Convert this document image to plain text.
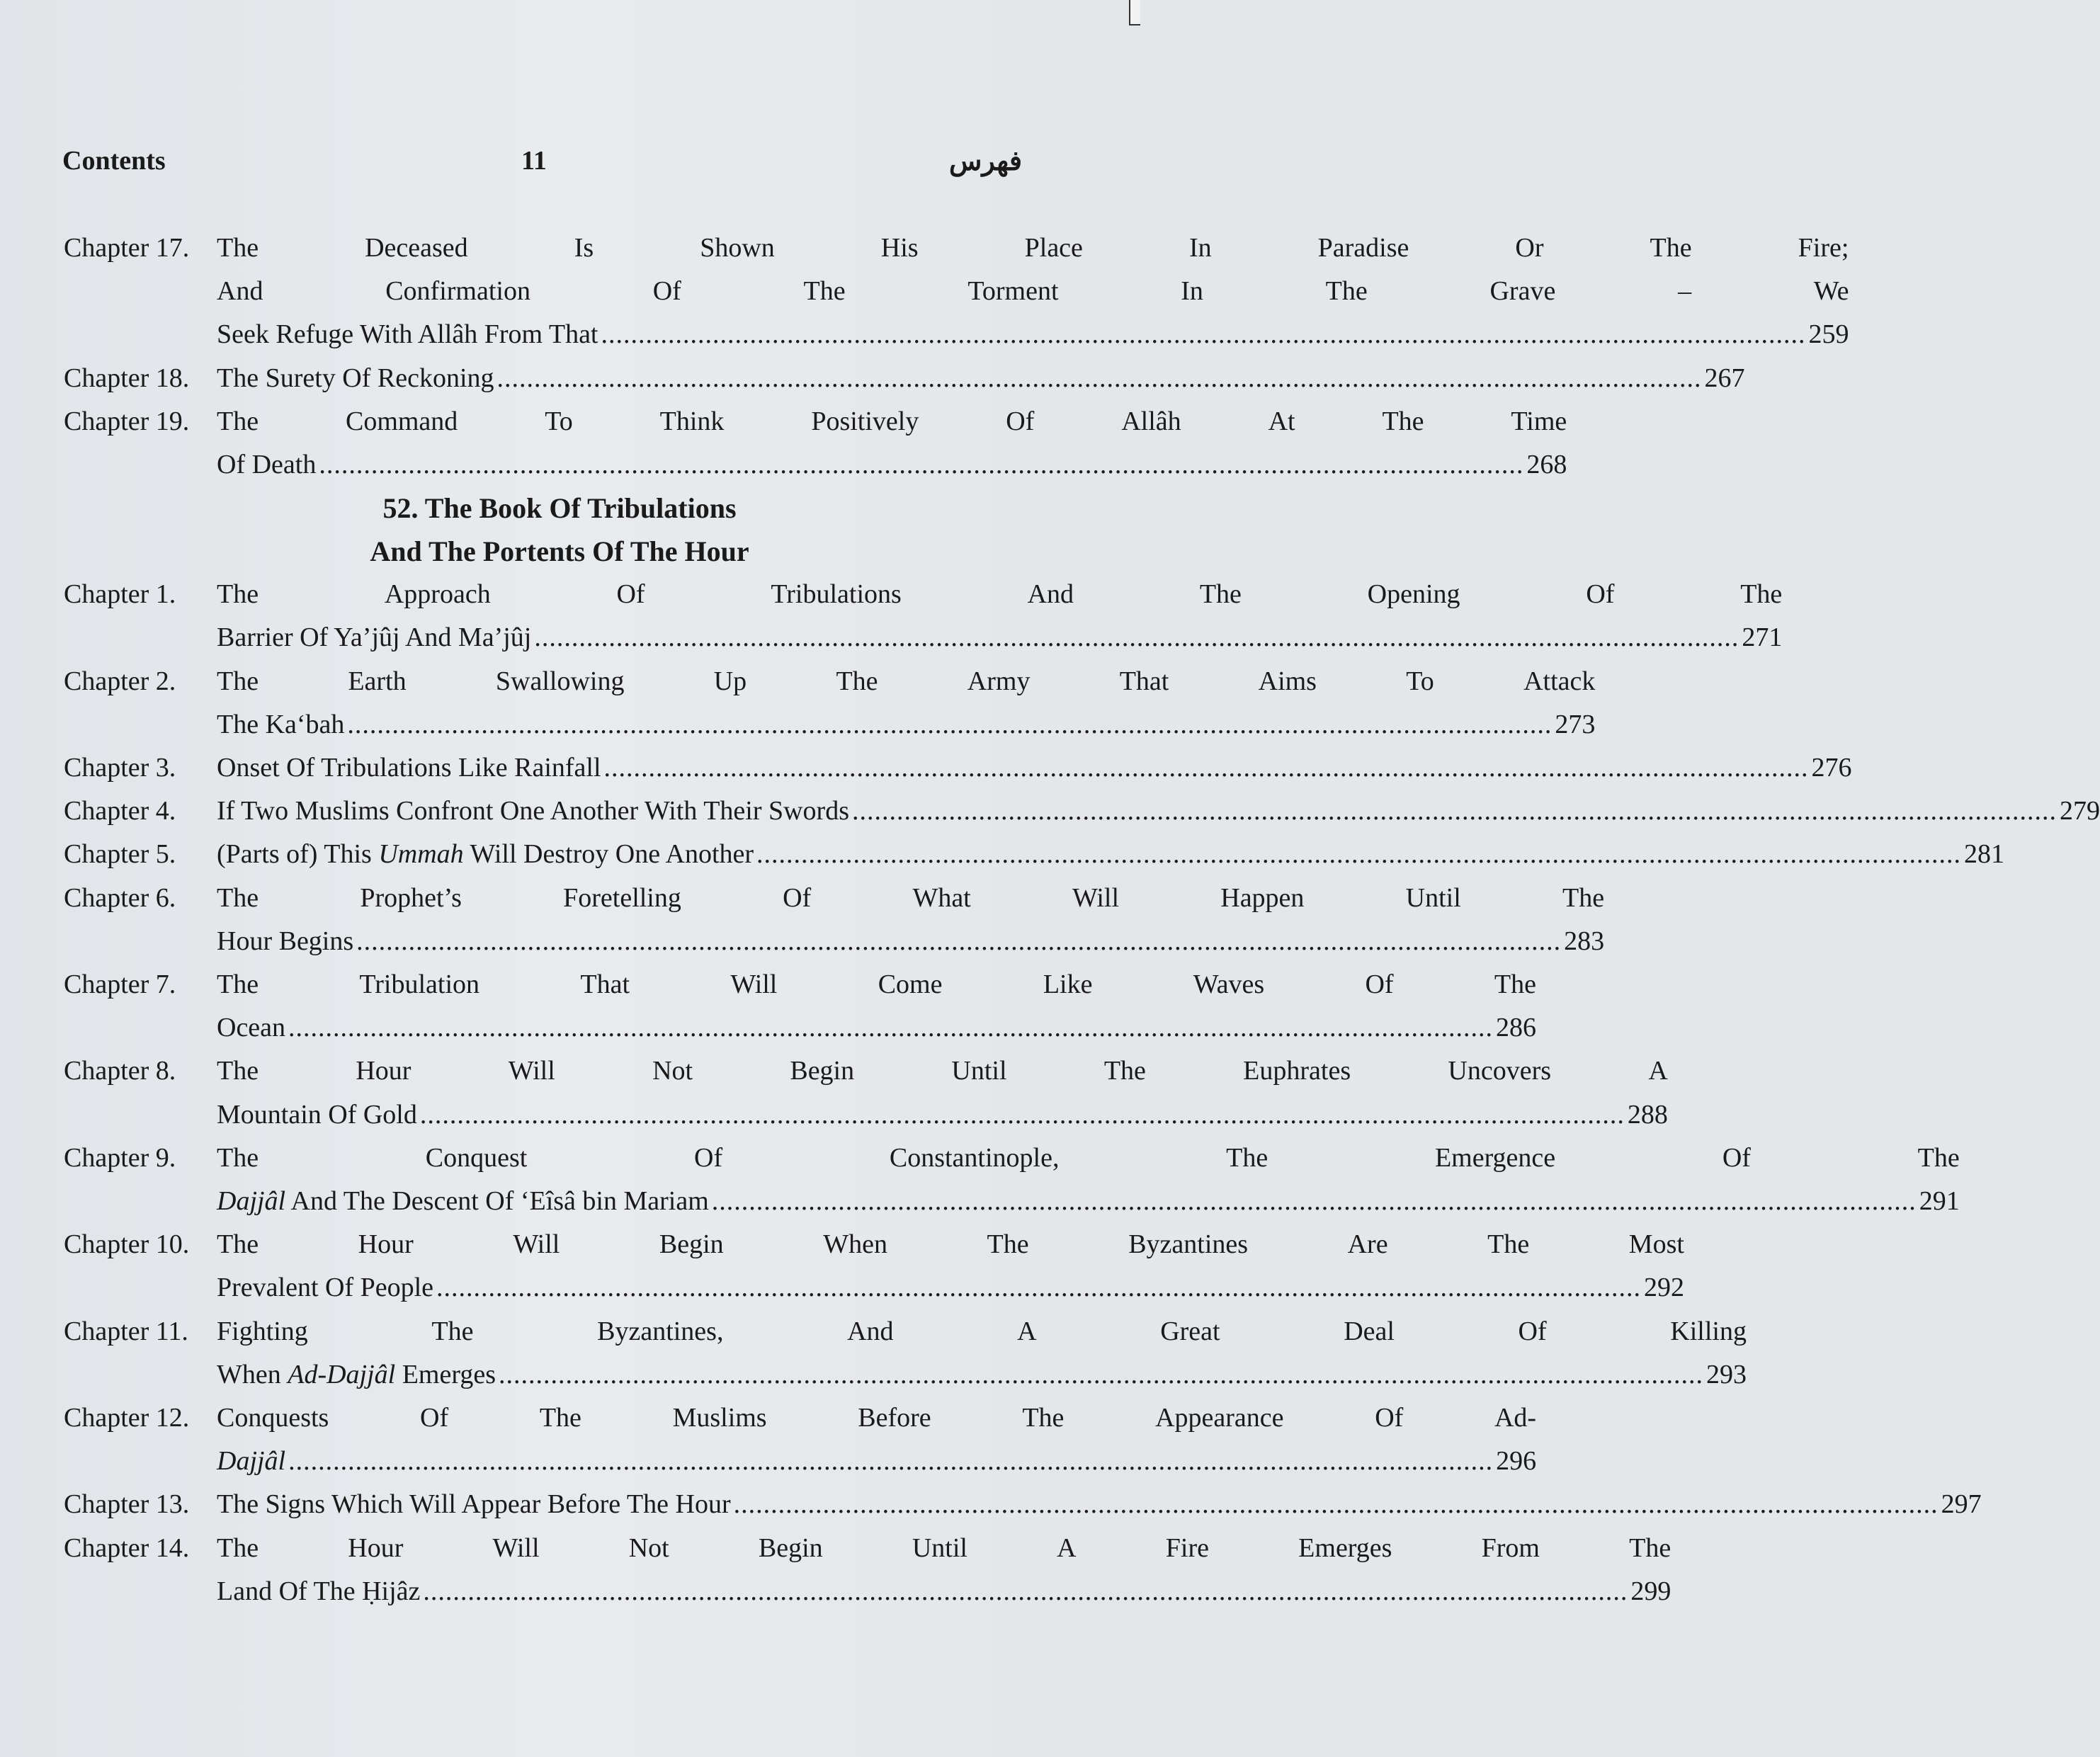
Contents	11	فهرس
Chapter 17.	The	Deceased	Is	Shown	His	Place	In	Paradise	Or	The	Fire;
And	Confirmation	Of	The	Torment	In	The	Grave	–	We
Seek Refuge With Allâh From That .....	259
Chapter 18.	The Surety Of Reckoning .....	267
Chapter 19.	The	Command	To	Think	Positively	Of	Allâh	At	The	Time
Of Death .....	268
52. The Book Of Tribulations
And The Portents Of The Hour
Chapter 1.	The	Approach	Of	Tribulations	And	The	Opening	Of	The
Barrier Of Ya’jûj And Ma’jûj .....	271
Chapter 2.	The	Earth	Swallowing	Up	The	Army	That	Aims	To	Attack
The Ka‘bah .....	273
Chapter 3.	Onset Of Tribulations Like Rainfall .....	276
Chapter 4.	If Two Muslims Confront One Another With Their Swords .....	279
Chapter 5.	(Parts of) This Ummah Will Destroy One Another .....	281
Chapter 6.	The	Prophet’s	Foretelling	Of	What	Will	Happen	Until	The
Hour Begins .....	283
Chapter 7.	The	Tribulation	That	Will	Come	Like	Waves	Of	The
Ocean .....	286
Chapter 8.	The	Hour	Will	Not	Begin	Until	The	Euphrates	Uncovers	A
Mountain Of Gold .....	288
Chapter 9.	The	Conquest	Of	Constantinople,	The	Emergence	Of	The
Dajjâl And The Descent Of ‘Eîsâ bin Mariam .....	291
Chapter 10.	The	Hour	Will	Begin	When	The	Byzantines	Are	The	Most
Prevalent Of People .....	292
Chapter 11.	Fighting	The	Byzantines,	And	A	Great	Deal	Of	Killing
When Ad-Dajjâl Emerges .....	293
Chapter 12.	Conquests	Of	The	Muslims	Before	The	Appearance	Of	Ad-
Dajjâl .....	296
Chapter 13.	The Signs Which Will Appear Before The Hour .....	297
Chapter 14.	The	Hour	Will	Not	Begin	Until	A	Fire	Emerges	From	The
Land Of The Ḥijâz .....	299
